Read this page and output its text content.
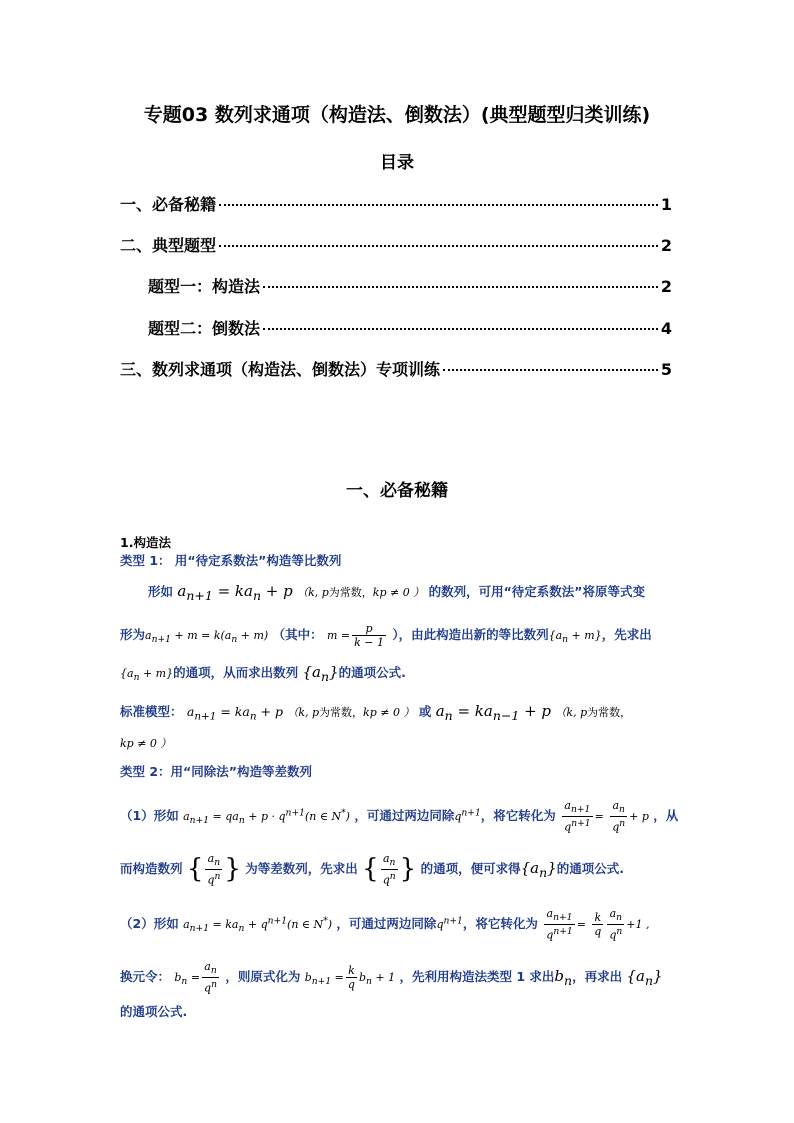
专题03 数列求通项（构造法、倒数法）(典型题型归类训练)
目录
一、必备秘籍	1
二、典型题型	2
题型一：构造法	2
题型二：倒数法	4
三、数列求通项（构造法、倒数法）专项训练	5
一、必备秘籍
1.构造法
类型 1： 用“待定系数法”构造等比数列
形如 $a_{n+1} = ka_n + p$ （k, p为常数，kp ≠ 0 ） 的数列，可用“待定系数法”将原等式变
形为$a_{n+1} + m = k(a_n + m)$ （其中： $m = \frac{p}{k - 1}$ ），由此构造出新的等比数列$\{a_n + m\}$，先求出
$\{a_n + m\}$的通项，从而求出数列 $\{a_n\}$的通项公式.
标准模型： $a_{n+1} = ka_n + p$ （k, p为常数，kp ≠ 0 ） 或 $a_n = ka_{n-1} + p$ （k, p为常数，
kp ≠ 0 ）
类型 2：用“同除法”构造等差数列
（1）形如 $a_{n+1} = qa_n + p \cdot q^{n+1}(n$ ∈ N*) ，可通过两边同除$q^{n+1}$，将它转化为 $\frac{a_{n+1}}{q^{n+1}} = \frac{a_n}{q^n} + p$ ，从
而构造数列 { $\frac{a_n}{q^n}$ } 为等差数列，先求出 { $\frac{a_n}{q^n}$ } 的通项，便可求得$\{a_n\}$的通项公式.
（2）形如 $a_{n+1} = ka_n + q^{n+1}(n$ ∈ N*) ，可通过两边同除$q^{n+1}$，将它转化为 $\frac{a_{n+1}}{q^{n+1}} = \frac{k}{q} \frac{a_n}{q^n} +1$ ,
换元令： $b_n = \frac{a_n}{q^n}$ ，则原式化为 $b_{n+1} = \frac{k}{q} b_n + 1$ ，先利用构造法类型 1 求出$b_n$，再求出 $\{a_n\}$
的通项公式.
